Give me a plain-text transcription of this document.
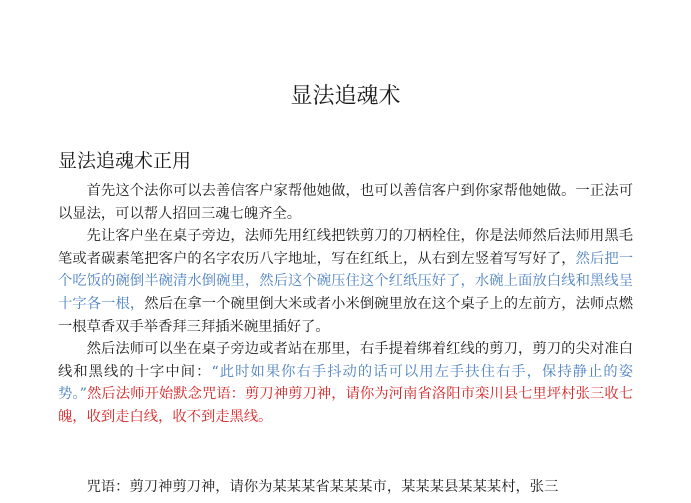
显法追魂术
显法追魂术正用

首先这个法你可以去善信客户家帮他她做，也可以善信客户到你家帮他她做。一正法可以显法，可以帮人招回三魂七魄齐全。

先让客户坐在桌子旁边，法师先用红线把铁剪刀的刀柄栓住，你是法师然后法师用黑毛笔或者碳素笔把客户的名字农历八字地址，写在红纸上，从右到左竖着写写好了，然后把一个吃饭的碗倒半碗清水倒碗里，然后这个碗压住这个红纸压好了，水碗上面放白线和黑线呈十字各一根，然后在拿一个碗里倒大米或者小米倒碗里放在这个桌子上的左前方，法师点燃一根草香双手举香拜三拜插米碗里插好了。

然后法师可以坐在桌子旁边或者站在那里，右手提着绑着红线的剪刀，剪刀的尖对准白线和黑线的十字中间：“此时如果你右手抖动的话可以用左手扶住右手，保持静止的姿势。”然后法师开始默念咒语：剪刀神剪刀神，请你为河南省洛阳市栾川县七里坪村张三收七魄，收到走白线，收不到走黑线。

咒语：剪刀神剪刀神，请你为某某某省某某某市，某某某县某某某村，张三
